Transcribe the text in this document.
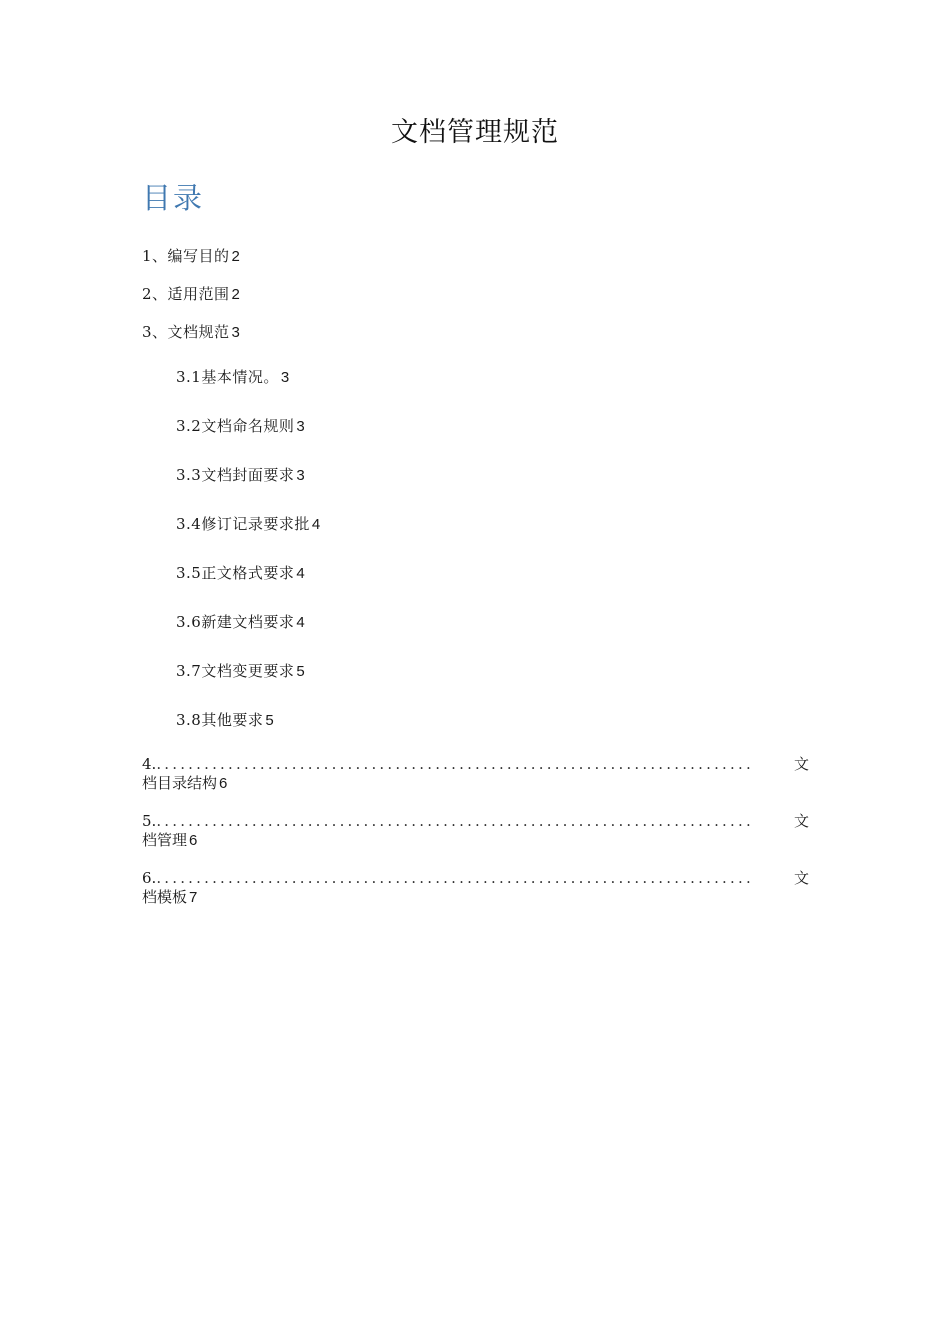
文档管理规范
目录
1、编写目的 2
2、适用范围 2
3、文档规范 3
3.1基本情况。 3
3.2文档命名规则 3
3.3文档封面要求 3
3.4修订记录要求批 4
3.5正文格式要求 4
3.6新建文档要求 4
3.7文档变更要求 5
3.8其他要求 5
4. ...........................................................................	文
档目录结构 6
5. ...........................................................................	文
档管理 6
6. ...........................................................................	文
档模板 7
